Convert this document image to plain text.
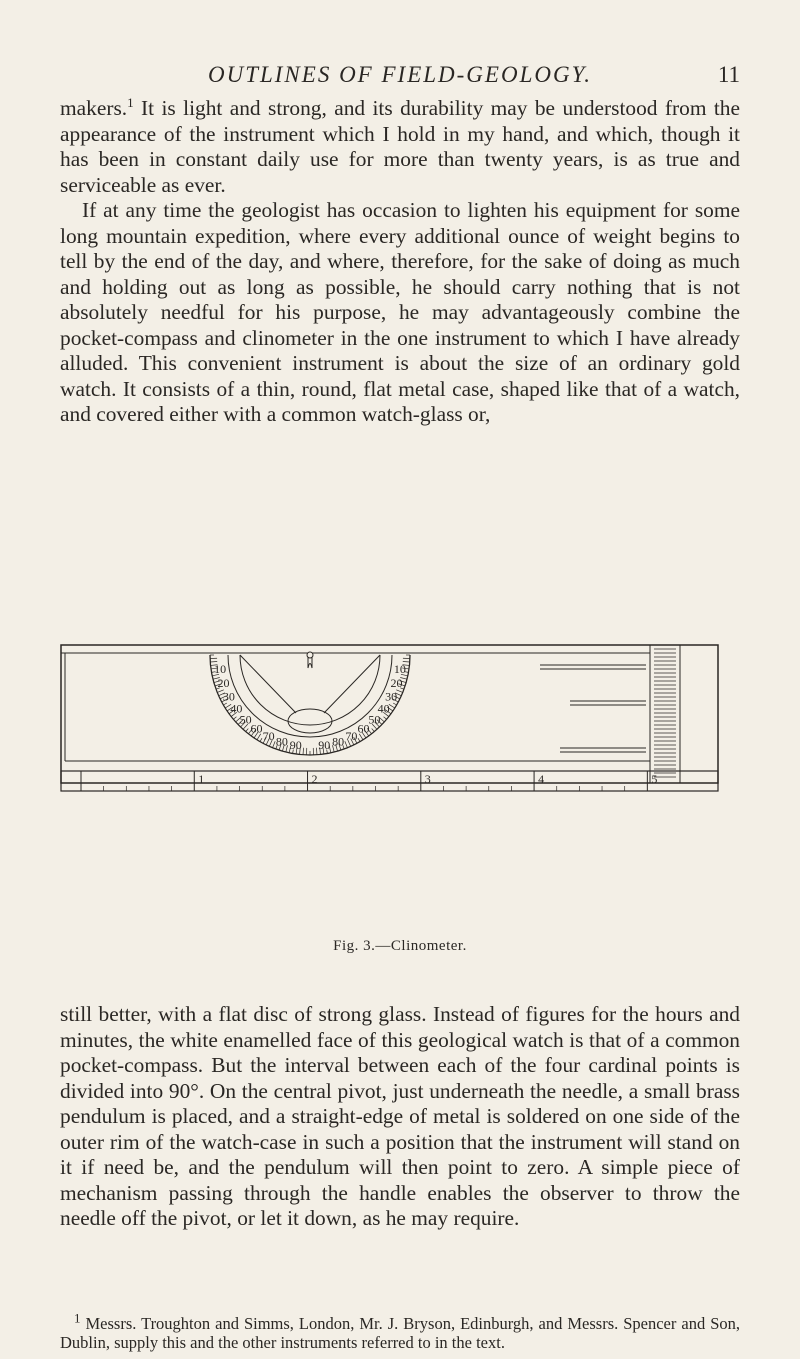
OUTLINES OF FIELD-GEOLOGY.	11

makers.$^1$ It is light and strong, and its durability may be understood from the appearance of the instrument which I hold in my hand, and which, though it has been in constant daily use for more than twenty years, is as true and serviceable as ever.

If at any time the geologist has occasion to lighten his equipment for some long mountain expedition, where every additional ounce of weight begins to tell by the end of the day, and where, therefore, for the sake of doing as much and holding out as long as possible, he should carry nothing that is not absolutely needful for his purpose, he may advantageously combine the pocket-compass and clinometer in the one instrument to which I have already alluded. This convenient instrument is about the size of an ordinary gold watch. It consists of a thin, round, flat metal case, shaped like that of a watch, and covered either with a common watch-glass or,

10
20
30
40
50
60
70 80 90
10
20
30
40
50
60
70
80
90
1	2	3	4	5
Fig. 3.—Clinometer.

still better, with a flat disc of strong glass. Instead of figures for the hours and minutes, the white enamelled face of this geological watch is that of a common pocket-compass. But the interval between each of the four cardinal points is divided into 90°. On the central pivot, just underneath the needle, a small brass pendulum is placed, and a straight-edge of metal is soldered on one side of the outer rim of the watch-case in such a position that the instrument will stand on it if need be, and the pendulum will then point to zero. A simple piece of mechanism passing through the handle enables the observer to throw the needle off the pivot, or let it down, as he may require.

$^1$ Messrs. Troughton and Simms, London, Mr. J. Bryson, Edinburgh, and Messrs. Spencer and Son, Dublin, supply this and the other instruments referred to in the text.
